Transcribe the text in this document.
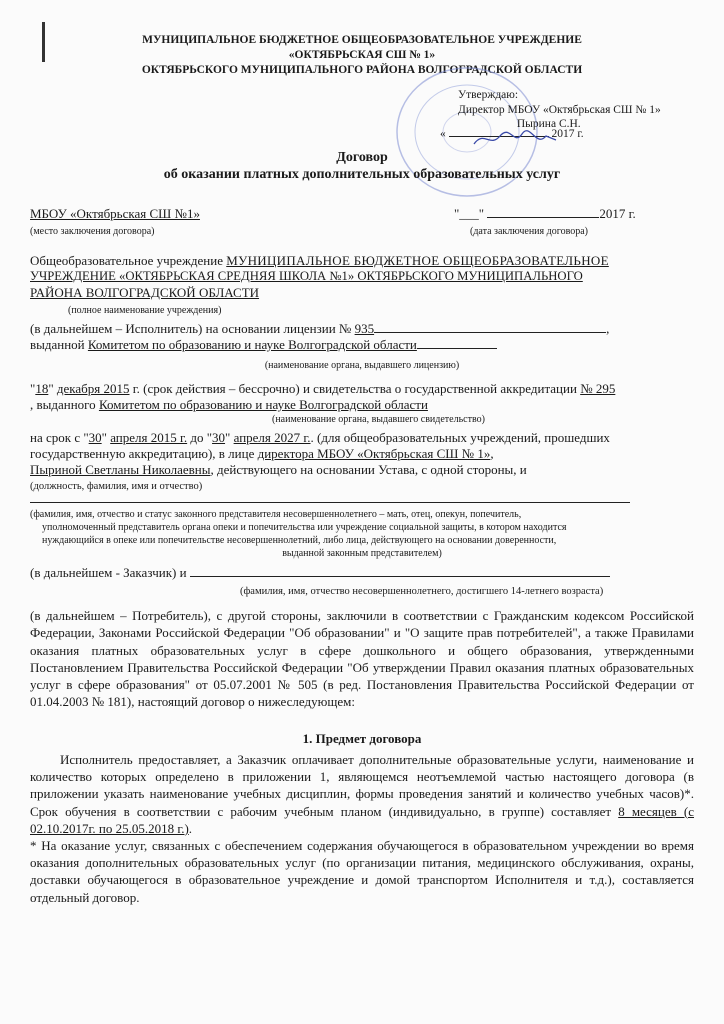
МУНИЦИПАЛЬНОЕ БЮДЖЕТНОЕ ОБЩЕОБРАЗОВАТЕЛЬНОЕ УЧРЕЖДЕНИЕ
«ОКТЯБРЬСКАЯ СШ № 1»
ОКТЯБРЬСКОГО МУНИЦИПАЛЬНОГО РАЙОНА ВОЛГОГРАДСКОЙ ОБЛАСТИ
Утверждаю:
Директор МБОУ «Октябрьская СШ № 1»
Пырина С.Н.
«	2017 г.
Договор
об оказании платных дополнительных образовательных услуг
МБОУ «Октябрьская СШ №1»
(место заключения договора)
"___"	2017 г.
(дата заключения договора)
Общеобразовательное учреждение МУНИЦИПАЛЬНОЕ БЮДЖЕТНОЕ ОБЩЕОБРАЗОВАТЕЛЬНОЕ
УЧРЕЖДЕНИЕ «ОКТЯБРЬСКАЯ СРЕДНЯЯ ШКОЛА №1» ОКТЯБРЬСКОГО МУНИЦИПАЛЬНОГО
РАЙОНА ВОЛГОГРАДСКОЙ ОБЛАСТИ
(полное наименование учреждения)
(в дальнейшем – Исполнитель) на основании лицензии № 935	,
выданной Комитетом по образованию и науке Волгоградской области
(наименование органа, выдавшего лицензию)
"18" декабря 2015 г. (срок действия – бессрочно) и свидетельства о государственной аккредитации № 295
, выданного Комитетом по образованию и науке Волгоградской области
(наименование органа, выдавшего свидетельство)
на срок с "30" апреля 2015 г. до "30" апреля 2027 г.. (для общеобразовательных учреждений, прошедших
государственную аккредитацию), в лице директора МБОУ «Октябрьская СШ № 1»,
Пыриной Светланы Николаевны, действующего на основании Устава, с одной стороны, и
(должность, фамилия, имя и отчество)
(фамилия, имя, отчество и статус законного представителя несовершеннолетнего – мать, отец, опекун, попечитель,
уполномоченный представитель органа опеки и попечительства или учреждение социальной защиты, в котором находится
нуждающийся в опеке или попечительстве несовершеннолетний, либо лица, действующего на основании доверенности,
выданной законным представителем)
(в дальнейшем - Заказчик) и
(фамилия, имя, отчество несовершеннолетнего, достигшего 14-летнего возраста)
(в дальнейшем – Потребитель), с другой стороны, заключили в соответствии с Гражданским кодексом Российской Федерации, Законами Российской Федерации "Об образовании" и "О защите прав потребителей", а также Правилами оказания платных образовательных услуг в сфере дошкольного и общего образования, утвержденными Постановлением Правительства Российской Федерации "Об утверждении Правил оказания платных образовательных услуг в сфере образования" от 05.07.2001 № 505 (в ред. Постановления Правительства Российской Федерации от 01.04.2003 № 181), настоящий договор о нижеследующем:
1. Предмет договора
Исполнитель предоставляет, а Заказчик оплачивает дополнительные образовательные услуги, наименование и количество которых определено в приложении 1, являющемся неотъемлемой частью настоящего договора (в приложении указать наименование учебных дисциплин, формы проведения занятий и количество учебных часов)*. Срок обучения в соответствии с рабочим учебным планом (индивидуально, в группе) составляет 8 месяцев (с 02.10.2017г. по 25.05.2018 г.).
* На оказание услуг, связанных с обеспечением содержания обучающегося в образовательном учреждении во время оказания дополнительных образовательных услуг (по организации питания, медицинского обслуживания, охраны, доставки обучающегося в образовательное учреждение и домой транспортом Исполнителя и т.д.), составляется отдельный договор.
